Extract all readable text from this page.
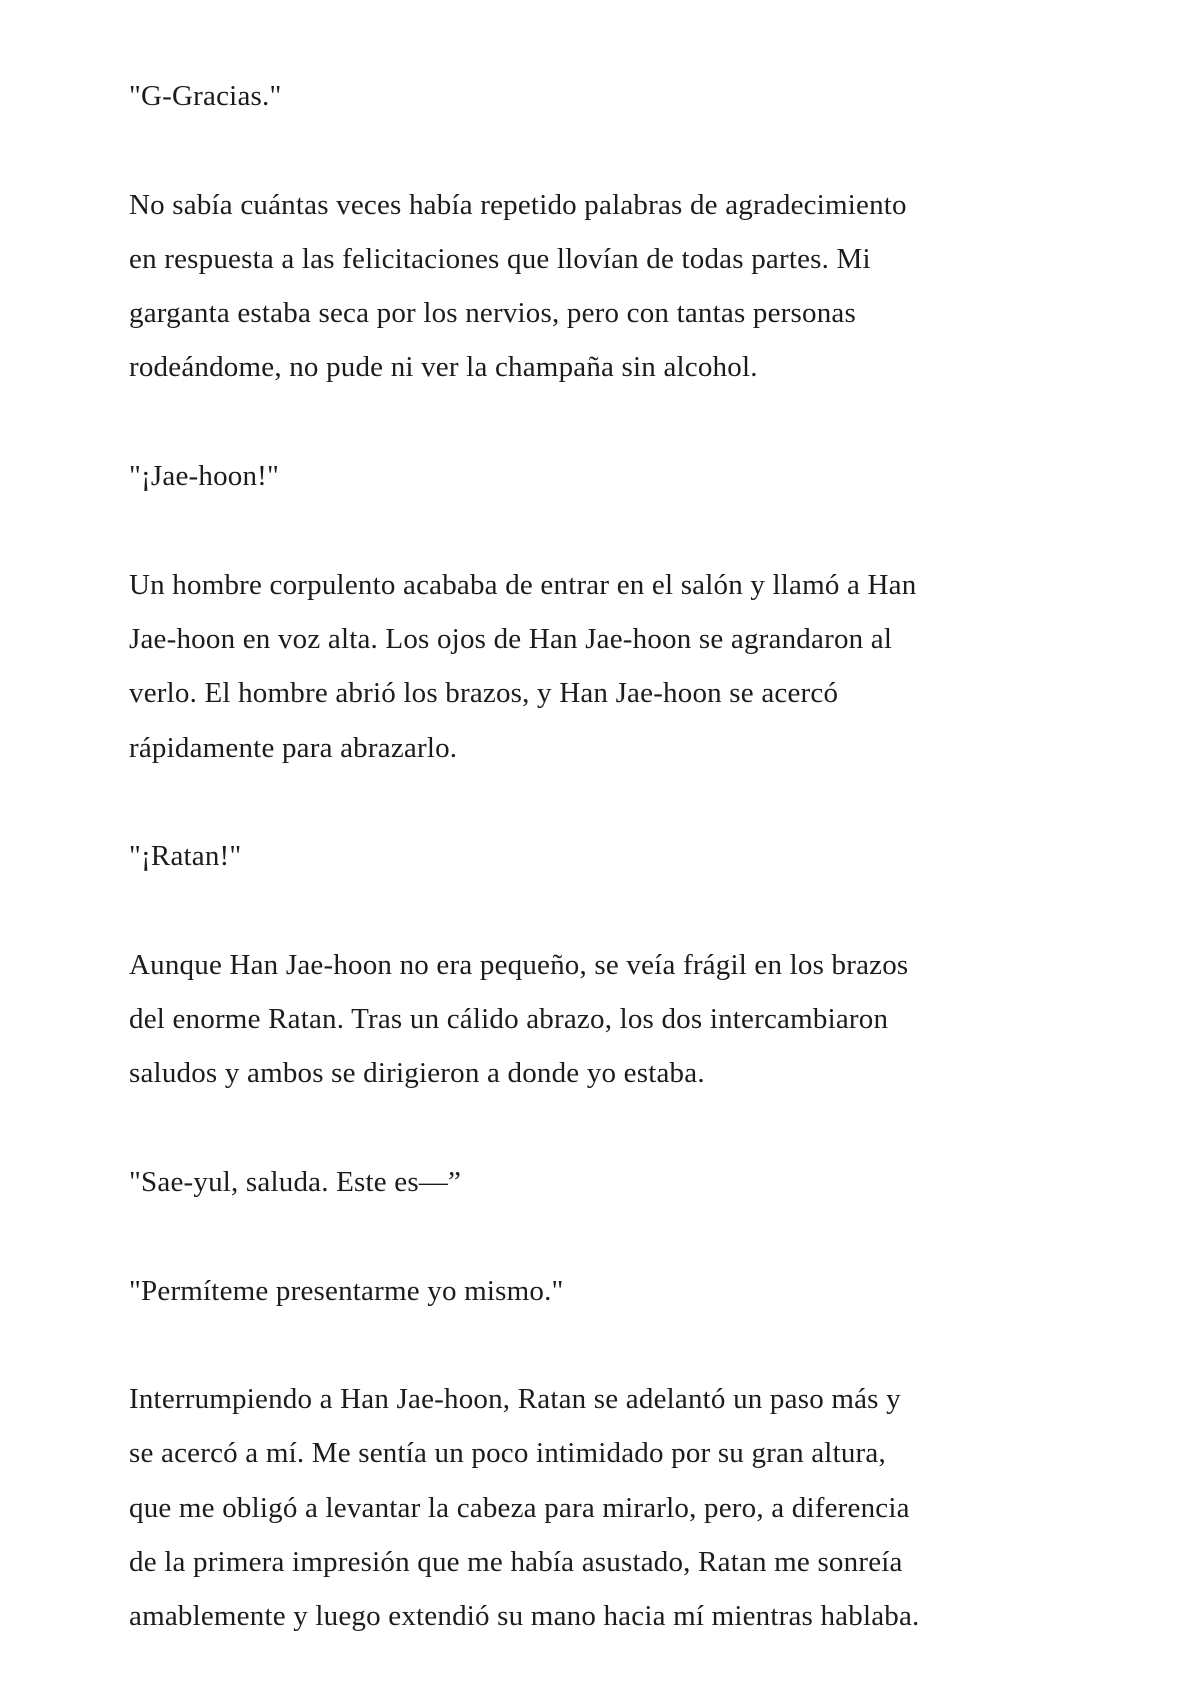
"G-Gracias."

No sabía cuántas veces había repetido palabras de agradecimiento
en respuesta a las felicitaciones que llovían de todas partes. Mi
garganta estaba seca por los nervios, pero con tantas personas
rodeándome, no pude ni ver la champaña sin alcohol.

"¡Jae-hoon!"

Un hombre corpulento acababa de entrar en el salón y llamó a Han
Jae-hoon en voz alta. Los ojos de Han Jae-hoon se agrandaron al
verlo. El hombre abrió los brazos, y Han Jae-hoon se acercó
rápidamente para abrazarlo.

"¡Ratan!"

Aunque Han Jae-hoon no era pequeño, se veía frágil en los brazos
del enorme Ratan. Tras un cálido abrazo, los dos intercambiaron
saludos y ambos se dirigieron a donde yo estaba.

"Sae-yul, saluda. Este es—”

"Permíteme presentarme yo mismo."

Interrumpiendo a Han Jae-hoon, Ratan se adelantó un paso más y
se acercó a mí. Me sentía un poco intimidado por su gran altura,
que me obligó a levantar la cabeza para mirarlo, pero, a diferencia
de la primera impresión que me había asustado, Ratan me sonreía
amablemente y luego extendió su mano hacia mí mientras hablaba.
